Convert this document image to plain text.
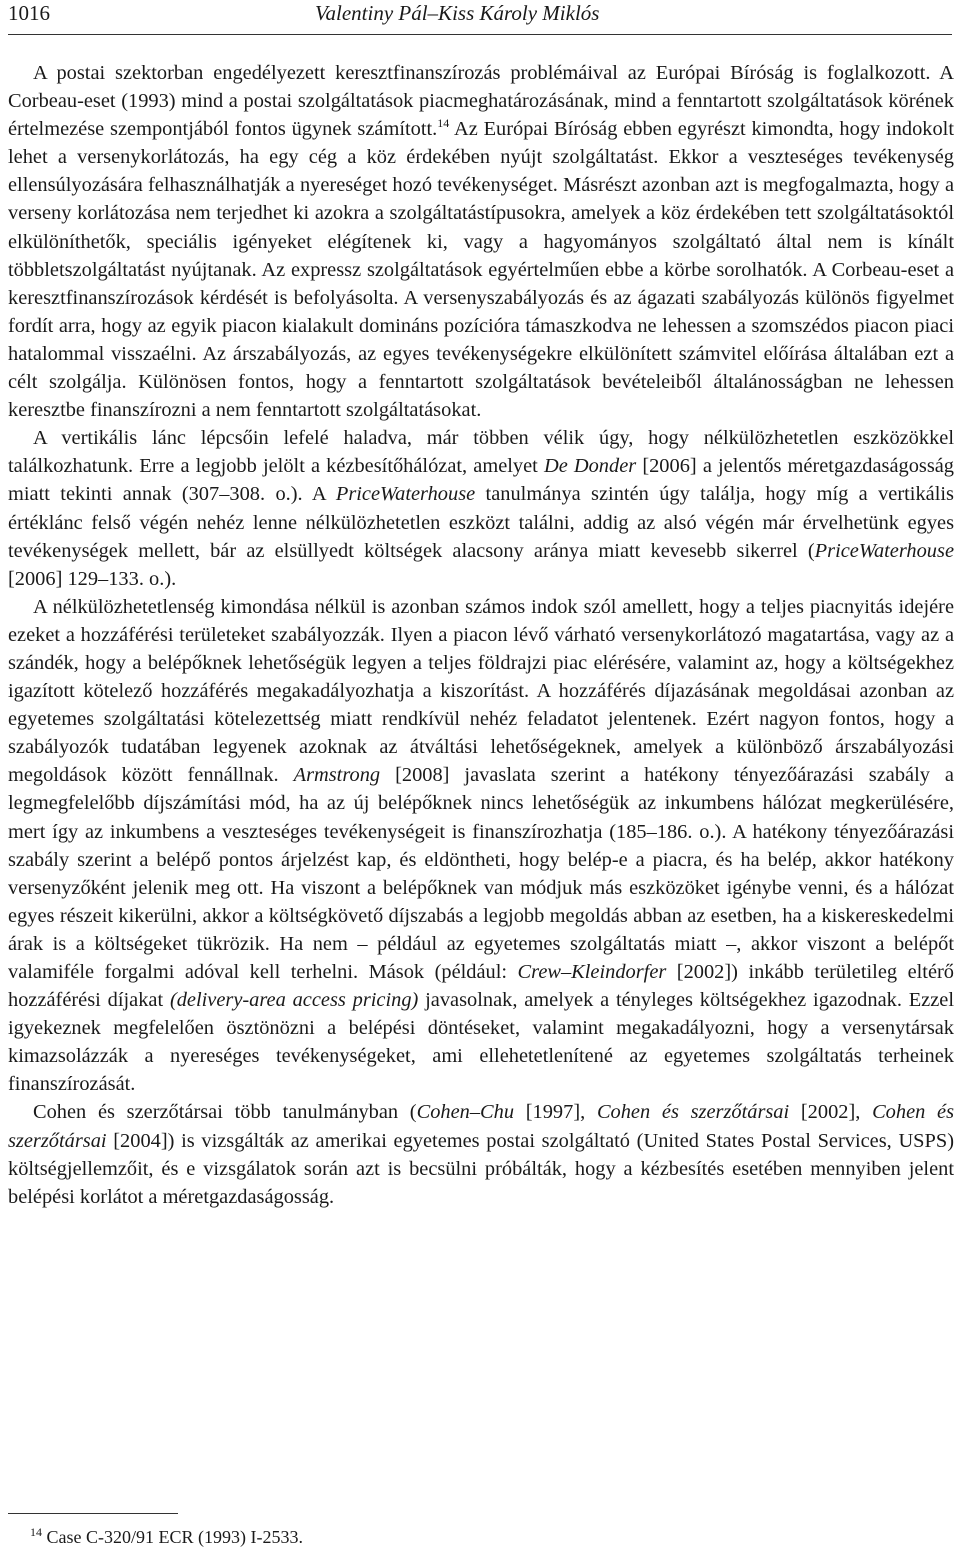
1016	Valentiny Pál–Kiss Károly Miklós

A postai szektorban engedélyezett keresztfinanszírozás problémáival az Európai Bíróság is foglalkozott. A Corbeau-eset (1993) mind a postai szolgáltatások piacmeghatározásának, mind a fenntartott szolgáltatások körének értelmezése szempontjából fontos ügynek számított.$^{14}$ Az Európai Bíróság ebben egyrészt kimondta, hogy indokolt lehet a versenykorlátozás, ha egy cég a köz érdekében nyújt szolgáltatást. Ekkor a veszteséges tevékenység ellensúlyozására felhasználhatják a nyereséget hozó tevékenységet. Másrészt azonban azt is megfogalmazta, hogy a verseny korlátozása nem terjedhet ki azokra a szolgáltatástípusokra, amelyek a köz érdekében tett szolgáltatásoktól elkülöníthetők, speciális igényeket elégítenek ki, vagy a hagyományos szolgáltató által nem is kínált többletszolgáltatást nyújtanak. Az expressz szolgáltatások egyértelműen ebbe a körbe sorolhatók. A Corbeau-eset a keresztfinanszírozások kérdését is befolyásolta. A versenyszabályozás és az ágazati szabályozás különös figyelmet fordít arra, hogy az egyik piacon kialakult domináns pozícióra támaszkodva ne lehessen a szomszédos piacon piaci hatalommal visszaélni. Az árszabályozás, az egyes tevékenységekre elkülönített számvitel előírása általában ezt a célt szolgálja. Különösen fontos, hogy a fenntartott szolgáltatások bevételeiből általánosságban ne lehessen keresztbe finanszírozni a nem fenntartott szolgáltatásokat.

A vertikális lánc lépcsőin lefelé haladva, már többen vélik úgy, hogy nélkülözhetetlen eszközökkel találkozhatunk. Erre a legjobb jelölt a kézbesítőhálózat, amelyet De Donder [2006] a jelentős méretgazdaságosság miatt tekinti annak (307–308. o.). A PriceWaterhouse tanulmánya szintén úgy találja, hogy míg a vertikális értéklánc felső végén nehéz lenne nélkülözhetetlen eszközt találni, addig az alsó végén már érvelhetünk egyes tevékenységek mellett, bár az elsüllyedt költségek alacsony aránya miatt kevesebb sikerrel (PriceWaterhouse [2006] 129–133. o.).

A nélkülözhetetlenség kimondása nélkül is azonban számos indok szól amellett, hogy a teljes piacnyitás idejére ezeket a hozzáférési területeket szabályozzák. Ilyen a piacon lévő várható versenykorlátozó magatartása, vagy az a szándék, hogy a belépőknek lehetőségük legyen a teljes földrajzi piac elérésére, valamint az, hogy a költségekhez igazított kötelező hozzáférés megakadályozhatja a kiszorítást. A hozzáférés díjazásának megoldásai azonban az egyetemes szolgáltatási kötelezettség miatt rendkívül nehéz feladatot jelentenek. Ezért nagyon fontos, hogy a szabályozók tudatában legyenek azoknak az átváltási lehetőségeknek, amelyek a különböző árszabályozási megoldások között fennállnak. Armstrong [2008] javaslata szerint a hatékony tényezőárazási szabály a legmegfelelőbb díjszámítási mód, ha az új belépőknek nincs lehetőségük az inkumbens hálózat megkerülésére, mert így az inkumbens a veszteséges tevékenységeit is finanszírozhatja (185–186. o.). A hatékony tényezőárazási szabály szerint a belépő pontos árjelzést kap, és eldöntheti, hogy belép-e a piacra, és ha belép, akkor hatékony versenyzőként jelenik meg ott. Ha viszont a belépőknek van módjuk más eszközöket igénybe venni, és a hálózat egyes részeit kikerülni, akkor a költségkövető díjszabás a legjobb megoldás abban az esetben, ha a kiskereskedelmi árak is a költségeket tükrözik. Ha nem – például az egyetemes szolgáltatás miatt –, akkor viszont a belépőt valamiféle forgalmi adóval kell terhelni. Mások (például: Crew–Kleindorfer [2002]) inkább területileg eltérő hozzáférési díjakat (delivery-area access pricing) javasolnak, amelyek a tényleges költségekhez igazodnak. Ezzel igyekeznek megfelelően ösztönözni a belépési döntéseket, valamint megakadályozni, hogy a versenytársak kimazsolázzák a nyereséges tevékenységeket, ami ellehetetlenítené az egyetemes szolgáltatás terheinek finanszírozását.

Cohen és szerzőtársai több tanulmányban (Cohen–Chu [1997], Cohen és szerzőtársai [2002], Cohen és szerzőtársai [2004]) is vizsgálták az amerikai egyetemes postai szolgáltató (United States Postal Services, USPS) költségjellemzőit, és e vizsgálatok során azt is becsülni próbálták, hogy a kézbesítés esetében mennyiben jelent belépési korlátot a méretgazdaságosság.

$^{14}$ Case C-320/91 ECR (1993) I-2533.
